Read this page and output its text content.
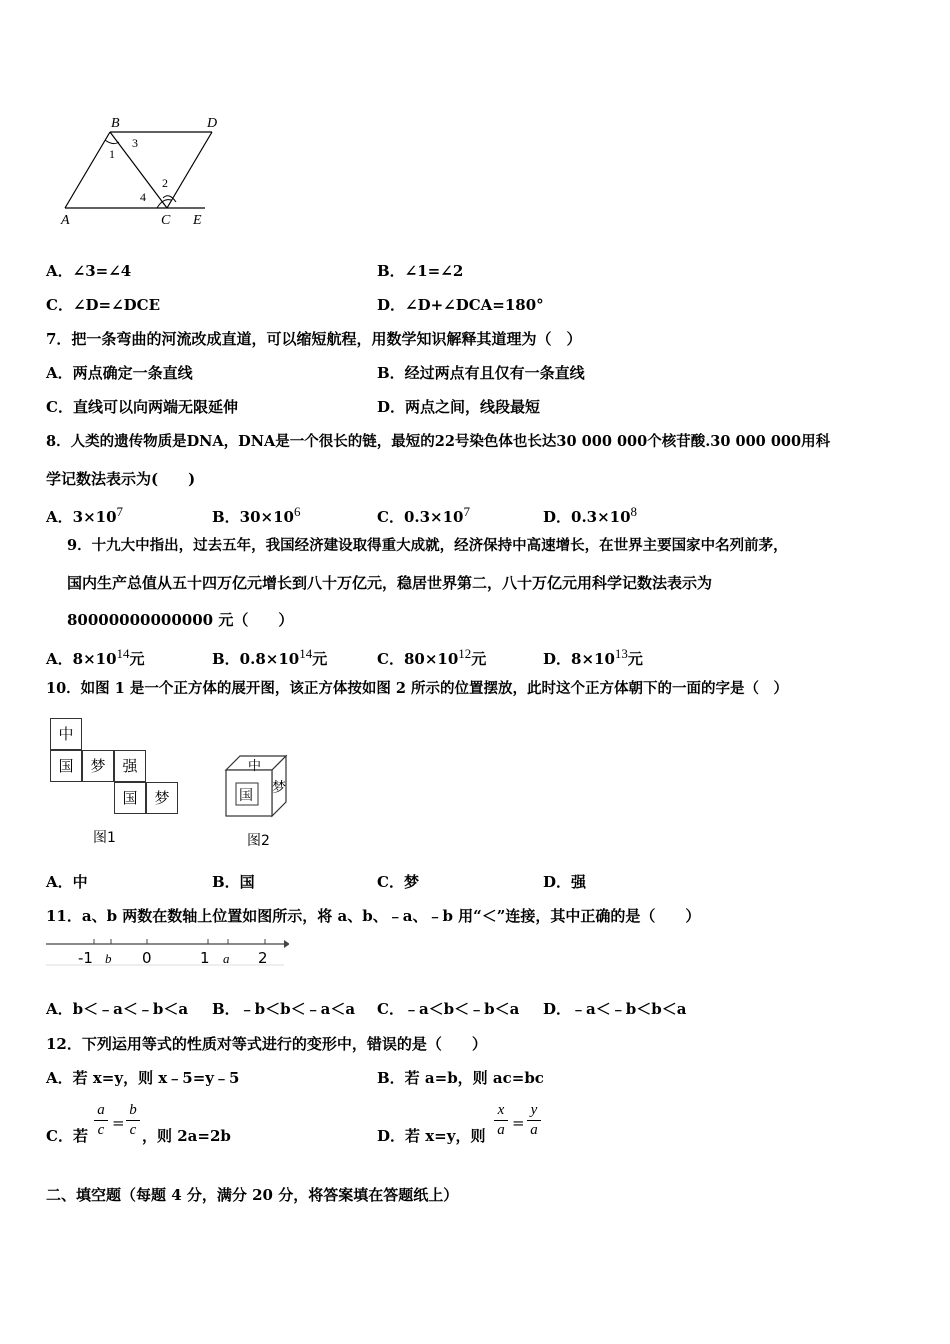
B	D
A	C E
1
3
4
2
A．∠3=∠4	B．∠1=∠2
C．∠D=∠DCE	D．∠D+∠DCA=180°
7．把一条弯曲的河流改成直道，可以缩短航程，用数学知识解释其道理为（　）
A．两点确定一条直线	B．经过两点有且仅有一条直线
C．直线可以向两端无限延伸	D．两点之间，线段最短
8．人类的遗传物质是DNA，DNA是一个很长的链，最短的22号染色体也长达30 000 000个核苷酸.30 000 000用科
学记数法表示为(　　)
A．$3\times 10^7$	B．$30\times 10^6$	C．$0.3\times 10^7$	D．$0.3\times 10^8$
9．十九大中指出，过去五年，我国经济建设取得重大成就，经济保持中高速增长，在世界主要国家中名列前茅，
国内生产总值从五十四万亿元增长到八十万亿元，稳居世界第二，八十万亿元用科学记数法表示为
80000000000000 元（　　）
A．$8\times 10^{14}$元	B．$0.8\times 10^{14}$元	C．$80\times 10^{12}$元	D．$8\times 10^{13}$元
10．如图 1 是一个正方体的展开图，该正方体按如图 2 所示的位置摆放，此时这个正方体朝下的一面的字是（　）
中
国	梦	强
国	梦
图1
中
国 梦
图2
A．中	B．国	C．梦	D．强
11．a、b 两数在数轴上位置如图所示，将 a、b、﹣a、﹣b 用“＜”连接，其中正确的是（　　）
-1 b 0	1 a 2
A．b＜﹣a＜﹣b＜a B．﹣b＜b＜﹣a＜a C．﹣a＜b＜﹣b＜a D．﹣a＜﹣b＜b＜a
12．下列运用等式的性质对等式进行的变形中，错误的是（　　）
A．若 x=y，则 x﹣5=y﹣5	B．若 a=b，则 ac=bc
C．若
a
c =
b
c ，则 2a=2b	D．若 x=y，则
x
a =
y
a
二、填空题（每题 4 分，满分 20 分，将答案填在答题纸上）
